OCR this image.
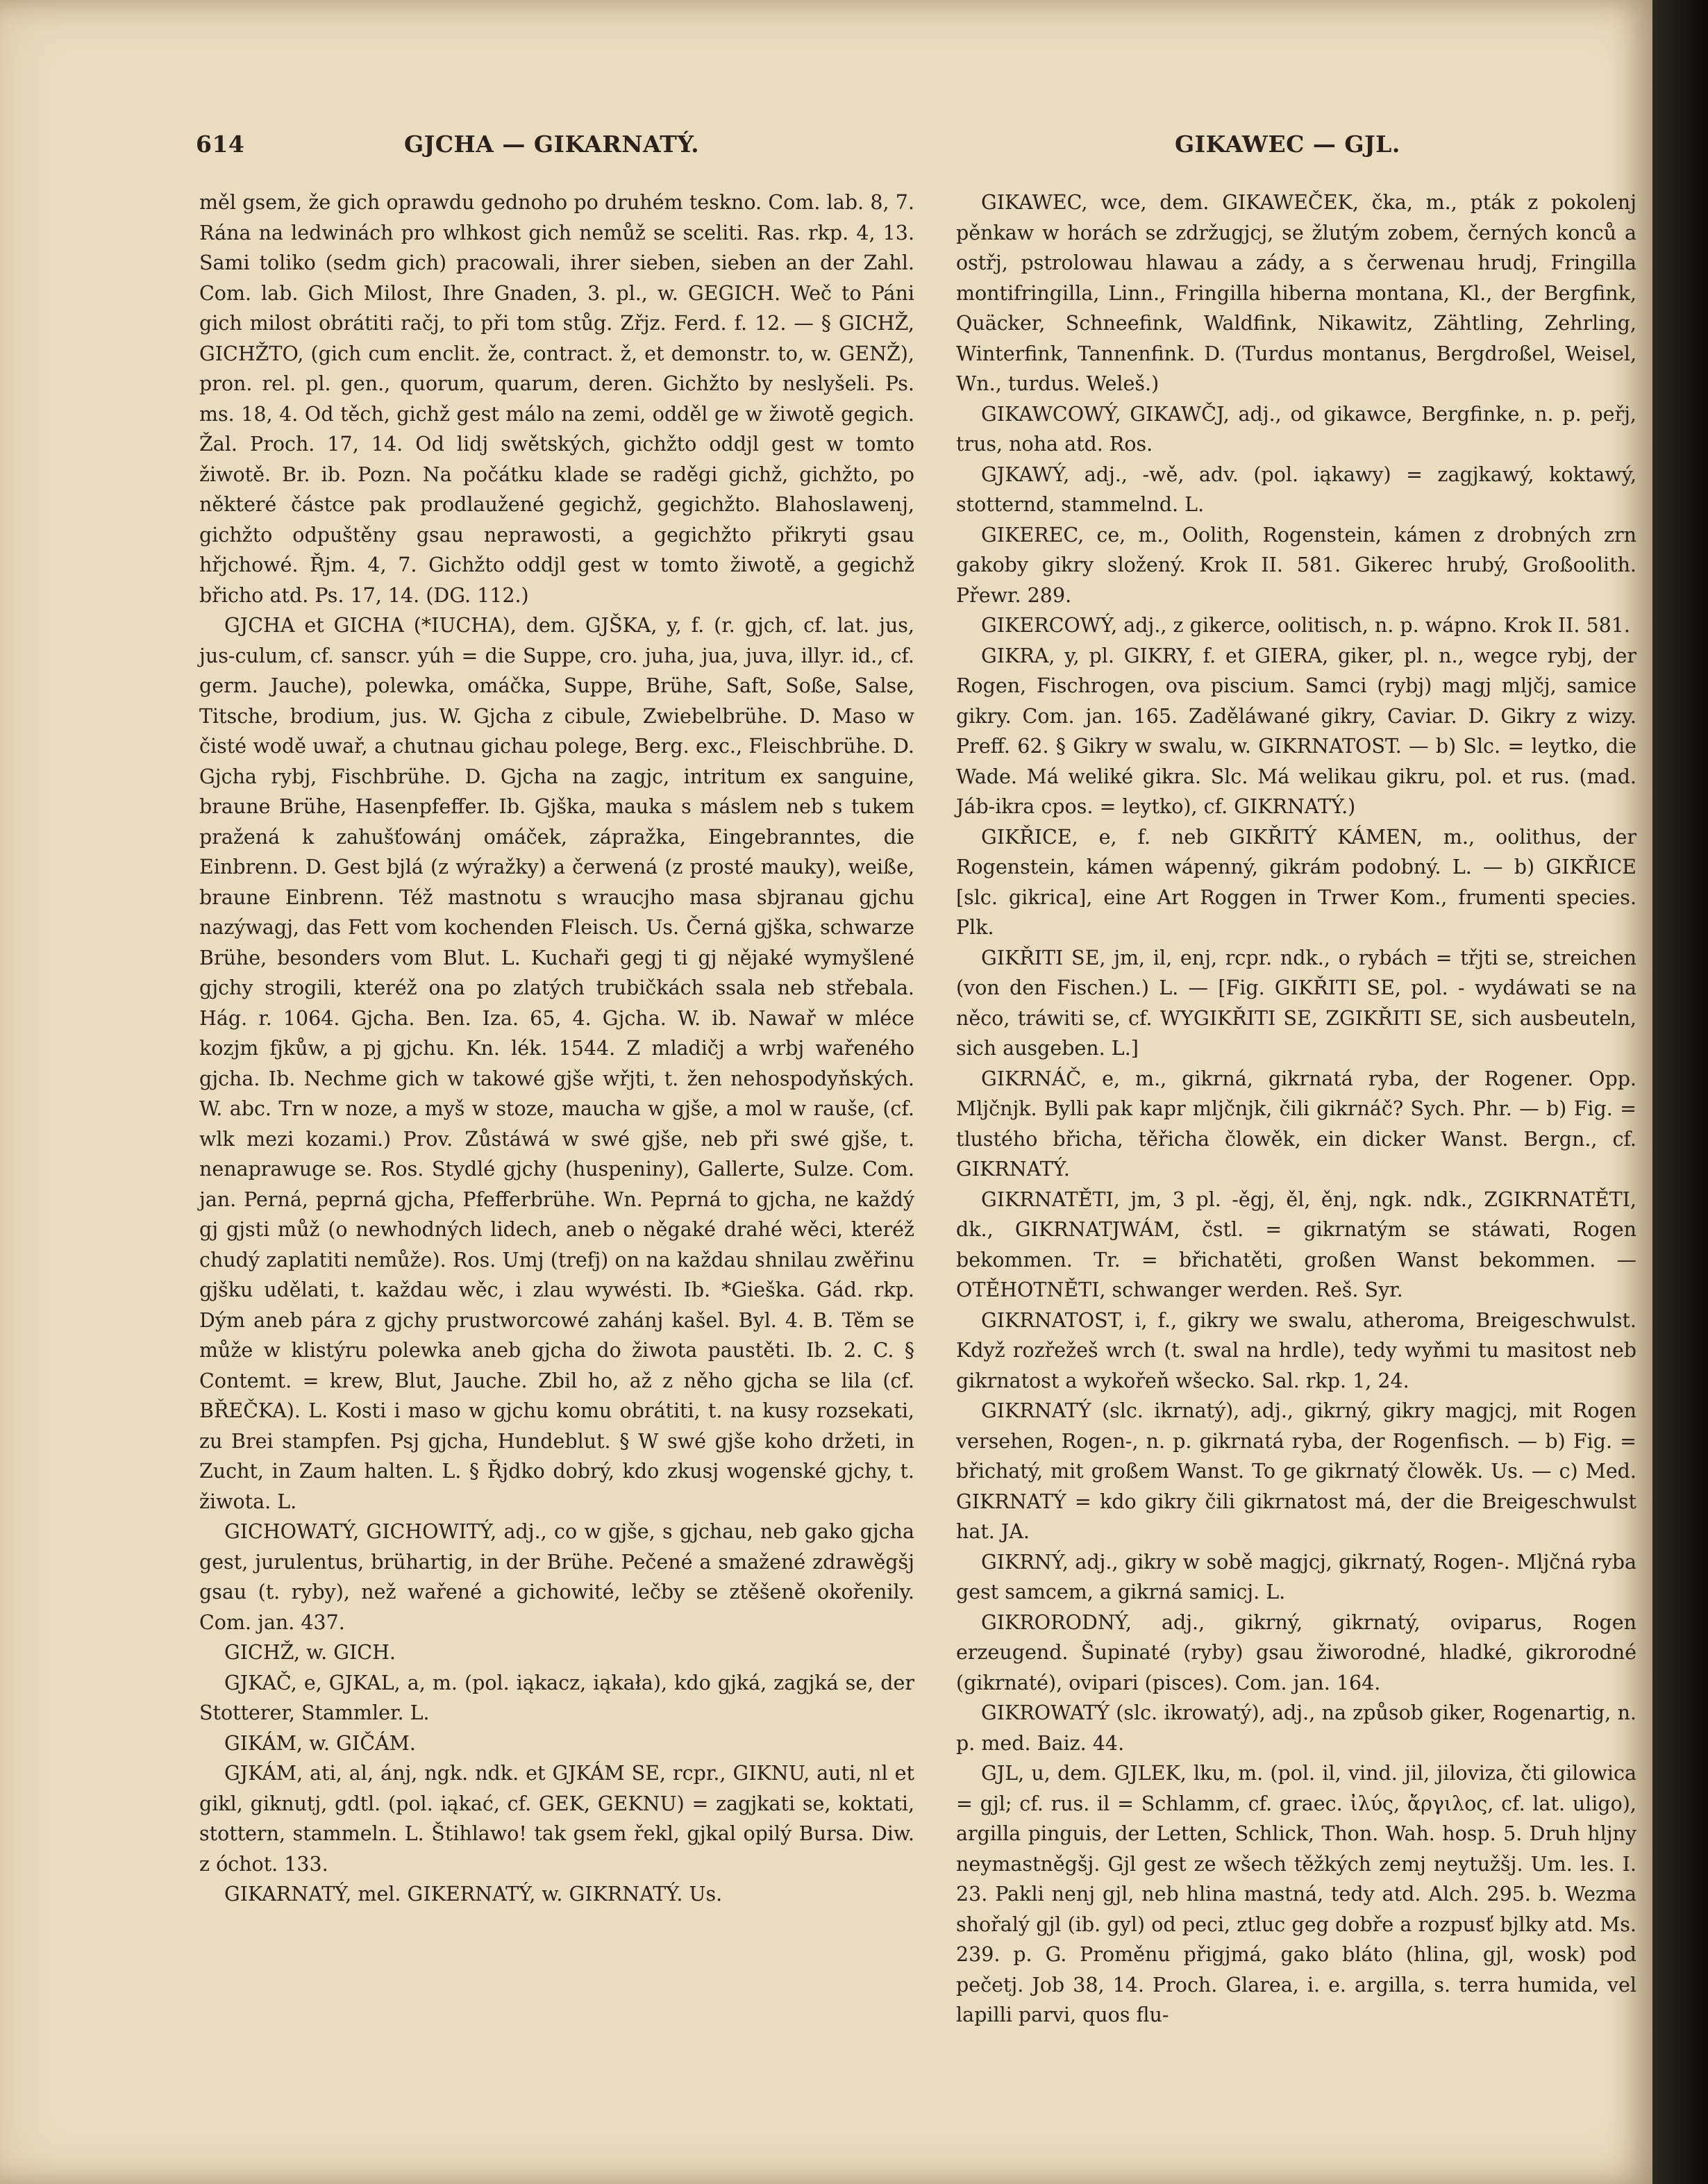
614	GJCHA — GIKARNATÝ.	GIKAWEC — GJL.

měl gsem, že gich oprawdu gednoho po druhém teskno. Com. lab. 8, 7. Rána na ledwinách pro wlhkost gich nemůž se sceliti. Ras. rkp. 4, 13. Sami toliko (sedm gich) pracowali, ihrer sieben, sieben an der Zahl. Com. lab. Gich Milost, Ihre Gnaden, 3. pl., w. GEGICH. Weč to Páni gich milost obrátiti račj, to při tom stůg. Zřjz. Ferd. f. 12. — § GICHŽ, GICHŽTO, (gich cum enclit. že, contract. ž, et demonstr. to, w. GENŽ), pron. rel. pl. gen., quorum, quarum, deren. Gichžto by neslyšeli. Ps. ms. 18, 4. Od těch, gichž gest málo na zemi, odděl ge w žiwotě gegich. Žal. Proch. 17, 14. Od lidj swětských, gichžto oddjl gest w tomto žiwotě. Br. ib. Pozn. Na počátku klade se raděgi gichž, gichžto, po některé částce pak prodlaužené gegichž, gegichžto. Blahoslawenj, gichžto odpuštěny gsau neprawosti, a gegichžto přikryti gsau hřjchowé. Řjm. 4, 7. Gichžto oddjl gest w tomto žiwotě, a gegichž břicho atd. Ps. 17, 14. (DG. 112.)

GJCHA et GICHA (*IUCHA), dem. GJŠKA, y, f. (r. gjch, cf. lat. jus, jus-culum, cf. sanscr. yúh = die Suppe, cro. juha, jua, juva, illyr. id., cf. germ. Jauche), polewka, omáčka, Suppe, Brühe, Saft, Soße, Salse, Titsche, brodium, jus. W. Gjcha z cibule, Zwiebelbrühe. D. Maso w čisté wodě uwař, a chutnau gichau polege, Berg. exc., Fleischbrühe. D. Gjcha rybj, Fischbrühe. D. Gjcha na zagjc, intritum ex sanguine, braune Brühe, Hasenpfeffer. Ib. Gjška, mauka s máslem neb s tukem pražená k zahušťowánj omáček, zápražka, Eingebranntes, die Einbrenn. D. Gest bjlá (z wýražky) a čerwená (z prosté mauky), weiße, braune Einbrenn. Též mastnotu s wraucjho masa sbjranau gjchu nazýwagj, das Fett vom kochenden Fleisch. Us. Černá gjška, schwarze Brühe, besonders vom Blut. L. Kuchaři gegj ti gj nějaké wymyšlené gjchy strogili, kteréž ona po zlatých trubičkách ssala neb střebala. Hág. r. 1064. Gjcha. Ben. Iza. 65, 4. Gjcha. W. ib. Nawař w mléce kozjm fjkůw, a pj gjchu. Kn. lék. 1544. Z mladičj a wrbj wařeného gjcha. Ib. Nechme gich w takowé gjše wřjti, t. žen nehospodyňských. W. abc. Trn w noze, a myš w stoze, maucha w gjše, a mol w rauše, (cf. wlk mezi kozami.) Prov. Zůstáwá w swé gjše, neb při swé gjše, t. nenaprawuge se. Ros. Stydlé gjchy (huspeniny), Gallerte, Sulze. Com. jan. Perná, peprná gjcha, Pfefferbrühe. Wn. Peprná to gjcha, ne každý gj gjsti můž (o newhodných lidech, aneb o něgaké drahé wěci, kteréž chudý zaplatiti nemůže). Ros. Umj (trefj) on na každau shnilau zwěřinu gjšku udělati, t. každau wěc, i zlau wywésti. Ib. *Gieška. Gád. rkp. Dým aneb pára z gjchy prustworcowé zahánj kašel. Byl. 4. B. Těm se může w klistýru polewka aneb gjcha do žiwota paustěti. Ib. 2. C. § Contemt. = krew, Blut, Jauche. Zbil ho, až z něho gjcha se lila (cf. BŘEČKA). L. Kosti i maso w gjchu komu obrátiti, t. na kusy rozsekati, zu Brei stampfen. Psj gjcha, Hundeblut. § W swé gjše koho držeti, in Zucht, in Zaum halten. L. § Řjdko dobrý, kdo zkusj wogenské gjchy, t. žiwota. L.

GICHOWATÝ, GICHOWITÝ, adj., co w gjše, s gjchau, neb gako gjcha gest, jurulentus, brühartig, in der Brühe. Pečené a smažené zdrawěgšj gsau (t. ryby), než wařené a gichowité, lečby se ztěšeně okořenily. Com. jan. 437.

GICHŽ, w. GICH.

GJKAČ, e, GJKAL, a, m. (pol. iąkacz, iąkała), kdo gjká, zagjká se, der Stotterer, Stammler. L.

GIKÁM, w. GIČÁM.

GJKÁM, ati, al, ánj, ngk. ndk. et GJKÁM SE, rcpr., GIKNU, auti, nl et gikl, giknutj, gdtl. (pol. iąkać, cf. GEK, GEKNU) = zagjkati se, koktati, stottern, stammeln. L. Štihlawo! tak gsem řekl, gjkal opilý Bursa. Diw. z óchot. 133.

GIKARNATÝ, mel. GIKERNATÝ, w. GIKRNATÝ. Us.

GIKAWEC, wce, dem. GIKAWEČEK, čka, m., pták z pokolenj pěnkaw w horách se zdržugjcj, se žlutým zobem, černých konců a ostřj, pstrolowau hlawau a zády, a s čerwenau hrudj, Fringilla montifringilla, Linn., Fringilla hiberna montana, Kl., der Bergfink, Quäcker, Schneefink, Waldfink, Nikawitz, Zähtling, Zehrling, Winterfink, Tannenfink. D. (Turdus montanus, Bergdroßel, Weisel, Wn., turdus. Weleš.)

GIKAWCOWÝ, GIKAWČJ, adj., od gikawce, Bergfinke, n. p. peřj, trus, noha atd. Ros.

GJKAWÝ, adj., -wě, adv. (pol. iąkawy) = zagjkawý, koktawý, stotternd, stammelnd. L.

GIKEREC, ce, m., Oolith, Rogenstein, kámen z drobných zrn gakoby gikry složený. Krok II. 581. Gikerec hrubý, Großoolith. Přewr. 289.

GIKERCOWÝ, adj., z gikerce, oolitisch, n. p. wápno. Krok II. 581.

GIKRA, y, pl. GIKRY, f. et GIERA, giker, pl. n., wegce rybj, der Rogen, Fischrogen, ova piscium. Samci (rybj) magj mljčj, samice gikry. Com. jan. 165. Zaděláwané gikry, Caviar. D. Gikry z wizy. Preff. 62. § Gikry w swalu, w. GIKRNATOST. — b) Slc. = leytko, die Wade. Má weliké gikra. Slc. Má welikau gikru, pol. et rus. (mad. Jáb-ikra cpos. = leytko), cf. GIKRNATÝ.)

GIKŘICE, e, f. neb GIKŘITÝ KÁMEN, m., oolithus, der Rogenstein, kámen wápenný, gikrám podobný. L. — b) GIKŘICE [slc. gikrica], eine Art Roggen in Trwer Kom., frumenti species. Plk.

GIKŘITI SE, jm, il, enj, rcpr. ndk., o rybách = třjti se, streichen (von den Fischen.) L. — [Fig. GIKŘITI SE, pol. - wydáwati se na něco, tráwiti se, cf. WYGIKŘITI SE, ZGIKŘITI SE, sich ausbeuteln, sich ausgeben. L.]

GIKRNÁČ, e, m., gikrná, gikrnatá ryba, der Rogener. Opp. Mljčnjk. Bylli pak kapr mljčnjk, čili gikrnáč? Sych. Phr. — b) Fig. = tlustého břicha, těřicha člowěk, ein dicker Wanst. Bergn., cf. GIKRNATÝ.

GIKRNATĚTI, jm, 3 pl. -ěgj, ěl, ěnj, ngk. ndk., ZGIKRNATĚTI, dk., GIKRNATJWÁM, čstl. = gikrnatým se stáwati, Rogen bekommen. Tr. = břichatěti, großen Wanst bekommen. — OTĚHOTNĚTI, schwanger werden. Reš. Syr.

GIKRNATOST, i, f., gikry we swalu, atheroma, Breigeschwulst. Když rozřežeš wrch (t. swal na hrdle), tedy wyňmi tu masitost neb gikrnatost a wykořeň wšecko. Sal. rkp. 1, 24.

GIKRNATÝ (slc. ikrnatý), adj., gikrný, gikry magjcj, mit Rogen versehen, Rogen-, n. p. gikrnatá ryba, der Rogenfisch. — b) Fig. = břichatý, mit großem Wanst. To ge gikrnatý člowěk. Us. — c) Med. GIKRNATÝ = kdo gikry čili gikrnatost má, der die Breigeschwulst hat. JA.

GIKRNÝ, adj., gikry w sobě magjcj, gikrnatý, Rogen-. Mljčná ryba gest samcem, a gikrná samicj. L.

GIKRORODNÝ, adj., gikrný, gikrnatý, oviparus, Rogen erzeugend. Šupinaté (ryby) gsau žiworodné, hladké, gikrorodné (gikrnaté), ovipari (pisces). Com. jan. 164.

GIKROWATÝ (slc. ikrowatý), adj., na způsob giker, Rogenartig, n. p. med. Baiz. 44.

GJL, u, dem. GJLEK, lku, m. (pol. il, vind. jil, jiloviza, čti gilowica = gjl; cf. rus. il = Schlamm, cf. graec. ἰλύς, ἄργιλος, cf. lat. uligo), argilla pinguis, der Letten, Schlick, Thon. Wah. hosp. 5. Druh hljny neymastněgšj. Gjl gest ze wšech těžkých zemj neytužšj. Um. les. I. 23. Pakli nenj gjl, neb hlina mastná, tedy atd. Alch. 295. b. Wezma shořalý gjl (ib. gyl) od peci, ztluc geg dobře a rozpusť bjlky atd. Ms. 239. p. G. Proměnu přigjmá, gako bláto (hlina, gjl, wosk) pod pečetj. Job 38, 14. Proch. Glarea, i. e. argilla, s. terra humida, vel lapilli parvi, quos flu-
